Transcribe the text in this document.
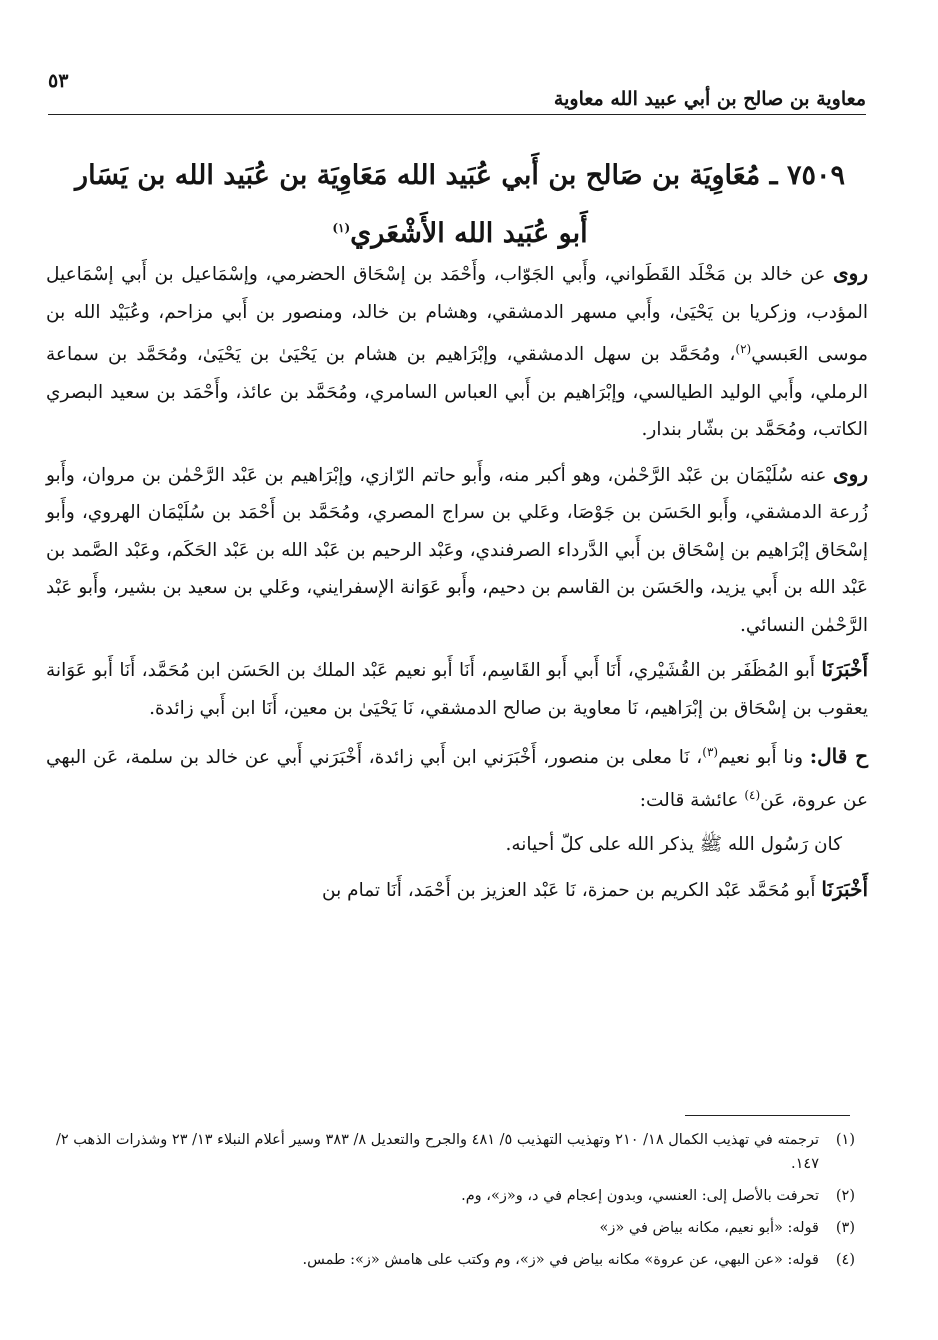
معاوية بن صالح بن أبي عبيد الله معاوية
٥٣
٧٥٠٩ ـ مُعَاوِيَة بن صَالح بن أَبي عُبَيد الله مَعَاوِيَة بن عُبَيد الله بن يَسَار
أَبو عُبَيد الله الأَشْعَري$^{(١)}$

روى عن خالد بن مَخْلَد القَطَواني، وأَبي الجَوّاب، وأَحْمَد بن إسْحَاق الحضرمي، وإسْمَاعيل بن أَبي إسْمَاعيل المؤدب، وزكريا بن يَحْيَىٰ، وأَبي مسهر الدمشقي، وهشام بن خالد، ومنصور بن أَبي مزاحم، وعُبَيْد الله بن موسى العَبسي$^{(٢)}$، ومُحَمَّد بن سهل الدمشقي، وإبْرَاهيم بن هشام بن يَحْيَىٰ بن يَحْيَىٰ، ومُحَمَّد بن سماعة الرملي، وأَبي الوليد الطيالسي، وإبْرَاهيم بن أَبي العباس السامري، ومُحَمَّد بن عائذ، وأَحْمَد بن سعيد البصري الكاتب، ومُحَمَّد بن بشّار بندار.

روى عنه سُلَيْمَان بن عَبْد الرَّحْمٰن، وهو أكبر منه، وأَبو حاتم الرّازي، وإبْرَاهيم بن عَبْد الرَّحْمٰن بن مروان، وأَبو زُرعة الدمشقي، وأَبو الحَسَن بن جَوْصَا، وعَلي بن سراج المصري، ومُحَمَّد بن أَحْمَد بن سُلَيْمَان الهروي، وأَبو إسْحَاق إبْرَاهيم بن إسْحَاق بن أَبي الدَّرداء الصرفندي، وعَبْد الرحيم بن عَبْد الله بن عَبْد الحَكَم، وعَبْد الصَّمد بن عَبْد الله بن أَبي يزيد، والحَسَن بن القاسم بن دحيم، وأَبو عَوَانة الإسفرايني، وعَلي بن سعيد بن بشير، وأَبو عَبْد الرَّحْمٰن النسائي.

أَخْبَرَنَا أَبو المُظَفَر بن القُشَيْري، أَنَا أَبي أَبو القَاسِم، أَنَا أَبو نعيم عَبْد الملك بن الحَسَن ابن مُحَمَّد، أَنَا أَبو عَوَانة يعقوب بن إسْحَاق بن إبْرَاهيم، نَا معاوية بن صالح الدمشقي، نَا يَحْيَىٰ بن معين، أَنَا ابن أَبي زائدة.

ح قال: ونا أَبو نعيم$^{(٣)}$، نَا معلى بن منصور، أَخْبَرَني ابن أَبي زائدة، أَخْبَرَني أَبي عن خالد بن سلمة، عَن البهي عن عروة، عَن$^{(٤)}$ عائشة قالت:

كان رَسُول الله ﷺ يذكر الله على كلّ أحيانه.

أَخْبَرَنَا أَبو مُحَمَّد عَبْد الكريم بن حمزة، نَا عَبْد العزيز بن أَحْمَد، أَنَا تمام بن

(١)
ترجمته في تهذيب الكمال ١٨/ ٢١٠ وتهذيب التهذيب ٥/ ٤٨١ والجرح والتعديل ٨/ ٣٨٣ وسير أعلام النبلاء ١٣/ ٢٣ وشذرات الذهب ٢/ ١٤٧.
(٢)
تحرفت بالأصل إلى: العنسي، وبدون إعجام في د، و«ز»، وم.
(٣)
قوله: «أبو نعيم، مكانه بياض في «ز»
(٤)
قوله: «عن البهي، عن عروة» مكانه بياض في «ز»، وم وكتب على هامش «ز»: طمس.
